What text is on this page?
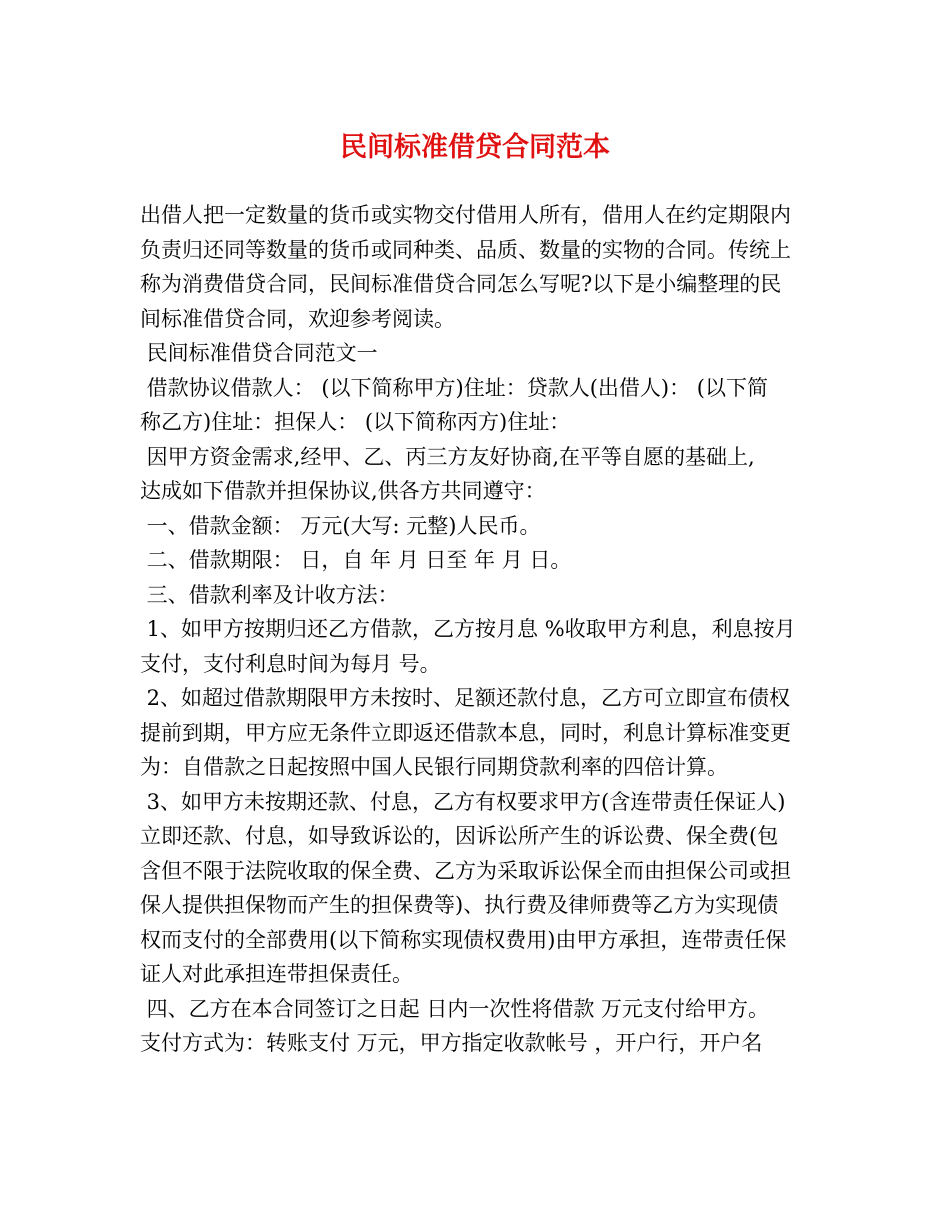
民间标准借贷合同范本
出借人把一定数量的货币或实物交付借用人所有，借用人在约定期限内
负责归还同等数量的货币或同种类、品质、数量的实物的合同。传统上
称为消费借贷合同，民间标准借贷合同怎么写呢?以下是小编整理的民
间标准借贷合同，欢迎参考阅读。
民间标准借贷合同范文一
借款协议借款人： (以下简称甲方)住址：贷款人(出借人)： (以下简
称乙方)住址：担保人： (以下简称丙方)住址：
因甲方资金需求,经甲、乙、丙三方友好协商,在平等自愿的基础上,
达成如下借款并担保协议,供各方共同遵守：
一、借款金额： 万元(大写: 元整)人民币。
二、借款期限： 日，自 年 月 日至 年 月 日。
三、借款利率及计收方法：
1、如甲方按期归还乙方借款，乙方按月息 %收取甲方利息，利息按月
支付，支付利息时间为每月 号。
2、如超过借款期限甲方未按时、足额还款付息，乙方可立即宣布债权
提前到期，甲方应无条件立即返还借款本息，同时，利息计算标准变更
为：自借款之日起按照中国人民银行同期贷款利率的四倍计算。
3、如甲方未按期还款、付息，乙方有权要求甲方(含连带责任保证人)
立即还款、付息，如导致诉讼的，因诉讼所产生的诉讼费、保全费(包
含但不限于法院收取的保全费、乙方为采取诉讼保全而由担保公司或担
保人提供担保物而产生的担保费等)、执行费及律师费等乙方为实现债
权而支付的全部费用(以下简称实现债权费用)由甲方承担，连带责任保
证人对此承担连带担保责任。
四、乙方在本合同签订之日起 日内一次性将借款 万元支付给甲方。
支付方式为：转账支付 万元，甲方指定收款帐号 ，开户行，开户名
